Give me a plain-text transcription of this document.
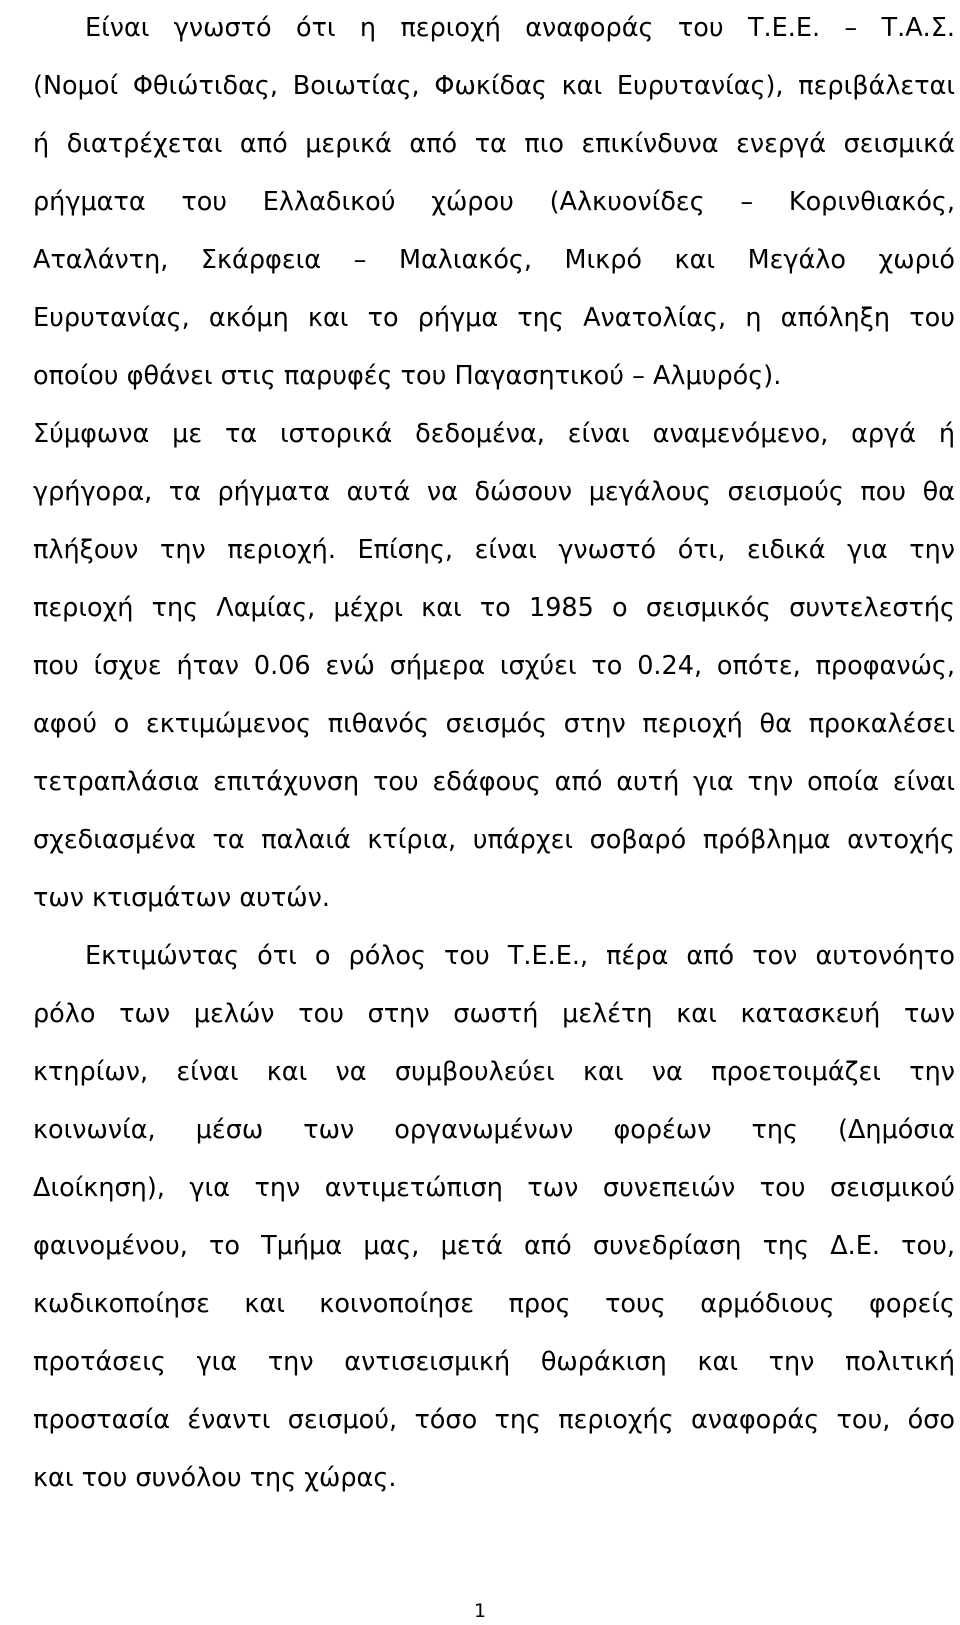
Είναι γνωστό ότι η περιοχή αναφοράς του Τ.Ε.Ε. – Τ.Α.Σ.

(Νομοί Φθιώτιδας, Βοιωτίας, Φωκίδας και Ευρυτανίας), περιβάλεται

ή διατρέχεται από μερικά από τα πιο επικίνδυνα ενεργά σεισμικά

ρήγματα του Ελλαδικού χώρου (Αλκυονίδες – Κορινθιακός,

Αταλάντη, Σκάρφεια – Μαλιακός, Μικρό και Μεγάλο χωριό

Ευρυτανίας, ακόμη και το ρήγμα της Ανατολίας, η απόληξη του

οποίου φθάνει στις παρυφές του Παγασητικού – Αλμυρός).

Σύμφωνα με τα ιστορικά δεδομένα, είναι αναμενόμενο, αργά ή

γρήγορα, τα ρήγματα αυτά να δώσουν μεγάλους σεισμούς που θα

πλήξουν την περιοχή. Επίσης, είναι γνωστό ότι, ειδικά για την

περιοχή της Λαμίας, μέχρι και το 1985 ο σεισμικός συντελεστής

που ίσχυε ήταν 0.06 ενώ σήμερα ισχύει το 0.24, οπότε, προφανώς,

αφού ο εκτιμώμενος πιθανός σεισμός στην περιοχή θα προκαλέσει

τετραπλάσια επιτάχυνση του εδάφους από αυτή για την οποία είναι

σχεδιασμένα τα παλαιά κτίρια, υπάρχει σοβαρό πρόβλημα αντοχής

των κτισμάτων αυτών.

Εκτιμώντας ότι ο ρόλος του Τ.Ε.Ε., πέρα από τον αυτονόητο

ρόλο των μελών του στην σωστή μελέτη και κατασκευή των

κτηρίων, είναι και να συμβουλεύει και να προετοιμάζει την

κοινωνία, μέσω των οργανωμένων φορέων της (Δημόσια

Διοίκηση), για την αντιμετώπιση των συνεπειών του σεισμικού

φαινομένου, το Τμήμα μας, μετά από συνεδρίαση της Δ.Ε. του,

κωδικοποίησε και κοινοποίησε προς τους αρμόδιους φορείς

προτάσεις για την αντισεισμική θωράκιση και την πολιτική

προστασία έναντι σεισμού, τόσο της περιοχής αναφοράς του, όσο

και του συνόλου της χώρας.

1
